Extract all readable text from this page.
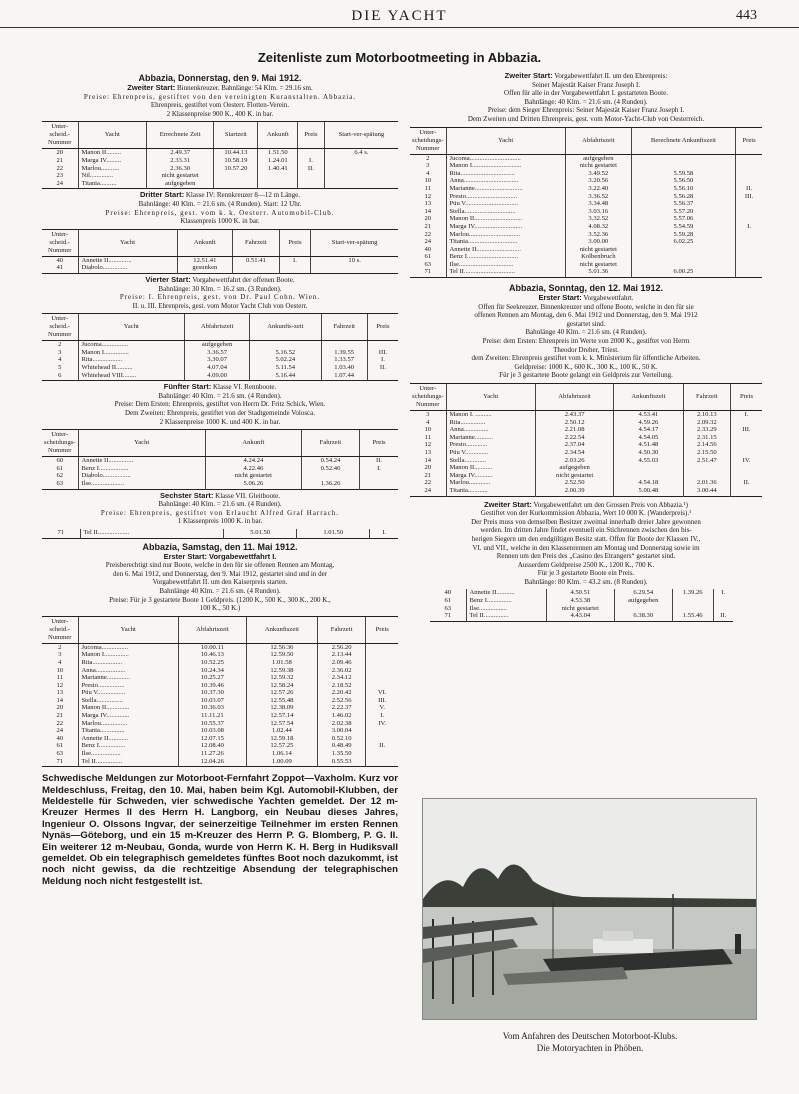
DIE YACHT	443
Zeitenliste zum Motorbootmeeting in Abbazia.
Abbazia, Donnerstag, den 9. Mai 1912.
Zweiter Start: Binnenkreuzer. Bahnlänge: 54 Klm. = 29.16 sm.
Preise: Ehrenpreis, gestiftet von den vereinigten Kuranstalten. Abbazia.
Ehrenpreis, gestiftet vom Oesterr. Flotten-Verein.
2 Klassenpreise 900 K., 400 K. in bar.
Unter-scheid.-Nummer	Yacht	Errechnete Zeit	Startzeit	Ankunft	Preis	Start-ver-spätung
20	Manon II.........	2.49.37	10.44.13	1.51.50		6.4 s.
21	Marga IV.........	2.33.31	10.58.19	1.24.01	I.	
22	Marlou...........	2.36.30	10.57.20	1.40.41	II.	
23	Nil..............	nicht gestartet				
24	Titania..........	aufgegeben				
Dritter Start: Klasse IV: Rennkreuzer 8—12 m Länge.
Bahnlänge: 40 Klm. = 21.6 sm. (4 Runden). Start: 12 Uhr.
Preise: Ehrenpreis, gest. vom k. k. Oesterr. Automobil-Club.
Klassenpreis 1000 K. in bar.
Unter-scheid.-Nummer	Yacht	Ankunft	Fahrzeit	Preis	Start-ver-spätung
40	Annette II..............	12.51.41	0.51.41	I.	10 s.
41	Diabolo...............	gesunken			
Vierter Start: Vorgabewettfahrt der offenen Boote.
Bahnlänge: 30 Klm. = 16.2 sm. (3 Runden).
Preise: I. Ehrenpreis, gest. von Dr. Paul Cohn. Wien.
II. u. III. Ehrenpreis, gest. vom Motor Yacht Club von Oesterr.
Unter-scheid.-Nummer	Yacht	Abfahrtszeit	Ankunfts-zeit	Fahrzeit	Preis
2	Jucoma................	aufgegeben			
3	Manon I...............	3.36.57	5.16.52	1.39.55	III.
4	Rita..................	3.30.07	5.02.24	1.33.57	I.
5	Whitehead II..........	4.07.04	5.11.54	1.03.40	II.
6	Whitehead VIII........	4.09.00	5.16.44	1.07.44	
Fünfter Start: Klasse VI. Rennboote.
Bahnlänge: 40 Klm. = 21.6 sm. (4 Runden).
Preise: Dem Ersten: Ehrenpreis, gestiftet von Herrn Dr. Fritz Schick, Wien.
Dem Zweiten: Ehrenpreis, gestiftet von der Stadtgemeinde Volosca.
2 Klassenpreise 1000 K. und 400 K. in bar.
Unter-scheidungs-Nummer	Yacht	Ankunft	Fahrzeit	Preis
60	Annette II...............	4.24.24	0.54.24	II.
61	Benz I..................	4.22.46	0.52.46	I.
62	Diabolo.................	nicht gestartet		
63	Ilse....................	5.06.26	1.36.26	
Sechster Start: Klasse VII. Gleitboote.
Bahnlänge: 40 Klm. = 21.6 sm. (4 Runden).
Preise: Ehrenpreis, gestiftet von Erlaucht Alfred Graf Harrach.
1 Klassenpreis 1000 K. in bar.
71	Tel II...................	5.01.50	1.01.50	I.
Abbazia, Samstag, den 11. Mai 1912.
Erster Start: Vorgabewettfahrt I.
Preisberechtigt sind nur Boote, welche in den für sie offenen Rennen am Montag,
den 6. Mai 1912, und Donnerstag, den 9. Mai 1912, gestartet sind und in der
Vorgabewettfahrt II. um den Kaiserpreis starten.
Bahnlänge 40 Klm. = 21.6 sm. (4 Runden).
Preise: Für je 3 gestartete Boote 1 Geldpreis. (1200 K., 500 K., 300 K., 200 K.,
100 K., 50 K.)
Unter-scheid.-Nummer	Yacht	Abfahrtszeit	Ankunftszeit	Fahrzeit	Preis
2	Jucoma................	10.00.11	12.56.36	2.56.20	
3	Manon I...............	10.46.13	12.59.50	2.13.44	
4	Rita..................	10.52.25	1.01.58	2.09.46	
10	Anna..................	10.24.34	12.59.38	2.36.02	
11	Marianne..............	10.25.27	12.59.32	2.34.12	
12	Presto................	10.39.46	12.58.24	2.18.52	
13	Püu V.................	10.37.30	12.57.26	2.20.42	VI.
14	Stella................	10.03.07	12.55.48	2.52.56	III.
20	Manon II..............	10.36.03	12.38.09	2.22.37	V.
21	Marga IV..............	11.11.21	12.57.14	1.46.02	I.
22	Marlou................	10.55.37	12.57.54	2.02.38	IV.
24	Titania...............	10.03.08	1.02.44	3.00.04	
40	Annette II............	12.07.15	12.59.18	0.52.10	
61	Benz I................	12.08.40	12.57.25	0.48.49	II.
63	Ilse..................	11.27.26	1.06.14	1.35.50	
71	Tel II................	12.04.26	1.00.09	0.55.53	
Schwedische Meldungen zur Motorboot-Fernfahrt Zoppot—Vaxholm. Kurz vor Meldeschluss, Freitag, den 10. Mai, haben beim Kgl. Automobil-Klubben, der Meldestelle für Schweden, vier schwedische Yachten gemeldet. Der 12 m-Kreuzer Hermes II des Herrn H. Langborg, ein Neubau dieses Jahres, Ingenieur O. Olssons Ingvar, der seinerzeitige Teilnehmer im ersten Rennen Nynäs—Göteborg, und ein 15 m-Kreuzer des Herrn P. G. Blomberg, P. G. II. Ein weiterer 12 m-Neubau, Gonda, wurde von Herrn K. H. Berg in Hudiksvall gemeldet. Ob ein telegraphisch gemeldetes fünftes Boot noch dazukommt, ist noch nicht gewiss, da die rechtzeitige Absendung der telegraphischen Meldung noch nicht festgestellt ist.
Zweiter Start: Vorgabewettfahrt II. um den Ehrenpreis:
Seiner Majestät Kaiser Franz Joseph I.
Offen für alle in der Vorgabewettfahrt I. gestarteten Boote.
Bahnlänge: 40 Klm. = 21.6 sm. (4 Runden).
Preise: dem Sieger Ehrenpreis: Seiner Majestät Kaiser Franz Joseph I.
Dem Zweiten und Dritten Ehrenpreis, gest. vom Motor-Yacht-Club von Oesterreich.
Unter-scheidungs-Nummer	Yacht	Abfahrtszeit	Berechnete Ankunftszeit	Preis
2	Jucoma...............................	aufgegeben		
3	Manon I..............................	nicht gestartet		
4	Rita.................................	3.49.52	5.59.58	
10	Anna.................................	3.20.56	5.56.50	
11	Marianne.............................	3.22.40	5.56.10	II.
12	Presto...............................	3.36.52	5.56.28	III.
13	Püu V................................	3.34.48	5.56.37	
14	Stella...............................	3.03.16	5.57.20	
20	Manon II.............................	3.32.52	5.57.06	
21	Marga IV.............................	4.08.32	5.54.59	I.
22	Marlou...............................	3.52.36	5.59.28	
24	Titania..............................	3.00.00	6.02.25	
40	Annette II...........................	nicht gestartet		
61	Benz I...............................	Kolbenbruch		
63	Ilse.................................	nicht gestartet		
71	Tel II...............................	5.01.36	6.00.25	
Abbazia, Sonntag, den 12. Mai 1912.
Erster Start: Vorgabewettfahrt.
Offen für Seekreuzer, Binnenkreuzer und offene Boote, welche in den für sie
offenen Rennen am Montag, den 6. Mai 1912 und Donnerstag, den 9. Mai 1912
gestartet sind.
Bahnlänge 40 Klm. = 21.6 sm. (4 Runden).
Preise: dem Ersten: Ehrenpreis im Werte von 2000 K., gestiftet von Herrn
Theodor Dreher, Triest.
dem Zweiten: Ehrenpreis gestiftet vom k. k. Ministerium für öffentliche Arbeiten.
Geldpreise: 1000 K., 600 K., 300 K., 100 K., 50 K.
Für je 3 gestartete Boote gelangt ein Geldpreis zur Verteilung.
Unter-scheidungs-Nummer	Yacht	Abfahrtszeit	Ankunftszeit	Fahrzeit	Preis
3	Manon I. ..........	2.43.37	4.53.41	2.10.13	I.
4	Rita...............	2.50.12	4.59.26	2.09.32	
10	Anna...............	2.21.08	4.54.17	2.33.29	III.
11	Marianne...........	2.22.54	4.54.05	2.31.15	
12	Presto.............	2.37.04	4.51.48	2.14.56	
13	Püu V..............	2.34.54	4.50.30	2.15.50	
14	Stella.............	2.03.26	4.55.03	2.51.47	IV.
20	Manon II...........	aufgegeben			
21	Marga IV...........	nicht gestartet			
22	Marlou.............	2.52.50	4.54.18	2.01.36	II.
24	Titania............	2.00.39	5.00.48	3.00.44	
Zweiter Start: Vorgabewettfahrt um den Grossen Preis von Abbazia.¹)
Gestiftet von der Kurkommission Abbazia, Wert 10 000 K. (Wanderpreis).¹
Der Preis muss von demselben Besitzer zweimal innerhalb dreier Jahre gewonnen
werden. Im dritten Jahre findet eventuell ein Stichrennen zwischen den bis-
herigen Siegern um den endgültigen Besitz statt. Offen für Boote der Klassen IV.,
VI. und VII., welche in den Klassenrennen am Montag und Donnerstag sowie im
Rennen um den Preis des „Casino des Etrangers“ gestartet sind.
Ausserdem Geldpreise 2500 K., 1200 K., 700 K.
Für je 3 gestartete Boote ein Preis.
Bahnlänge: 80 Klm. = 43.2 sm. (8 Runden).
40	Annette II...........	4.50.51	6.29.54	1.39.26	I.
61	Benz I...............	4.53.38	aufgegeben		
63	Ilse.................	nicht gestartet			
71	Tel II...............	4.43.04	6.38.30	1.55.46	II.
Vom Anfahren des Deutschen Motorboot-Klubs.
Die Motoryachten in Phöben.
